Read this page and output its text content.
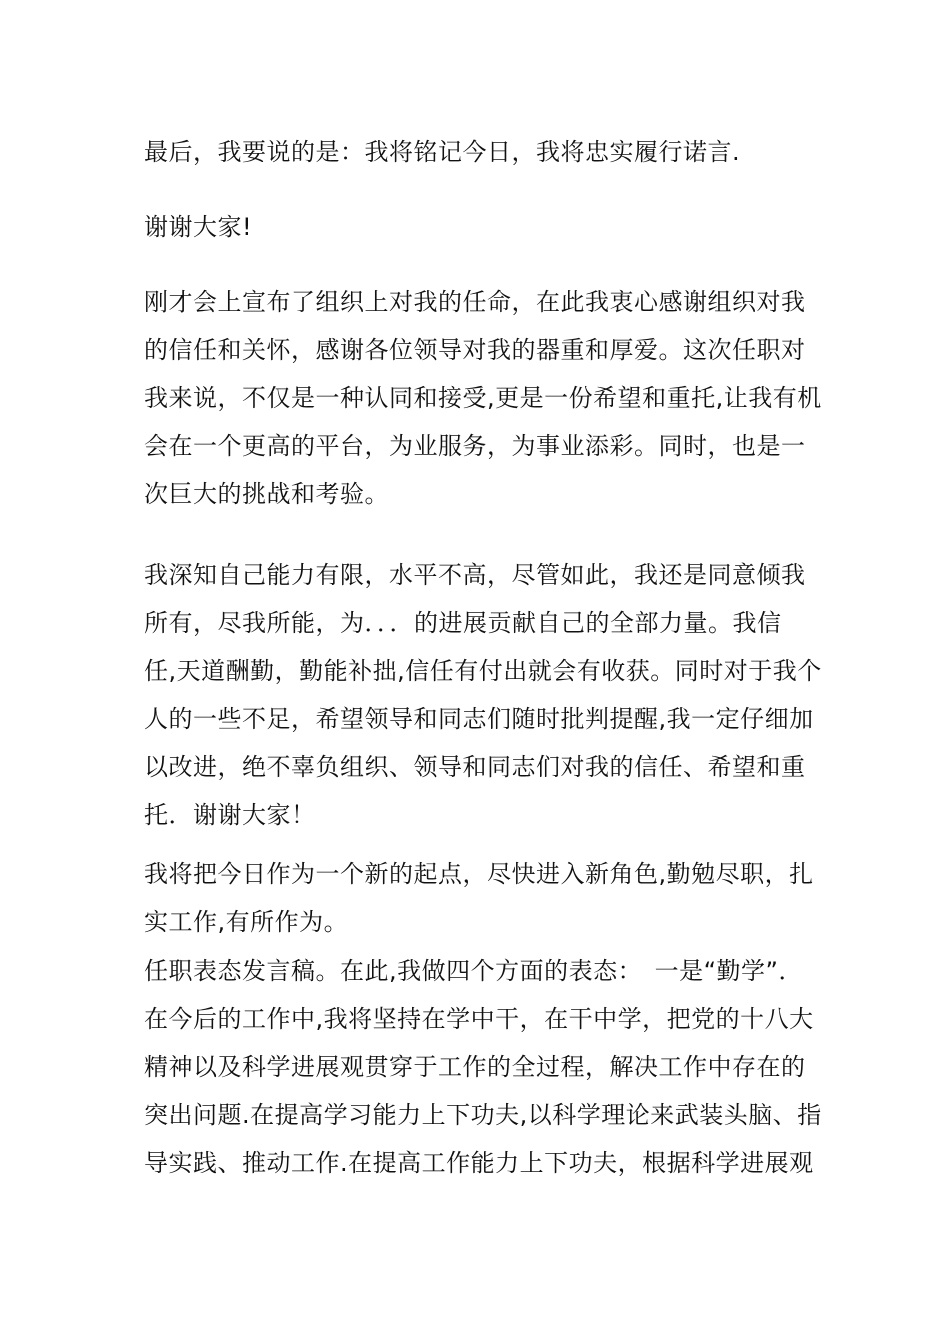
最后，我要说的是：我将铭记今日，我将忠实履行诺言.

谢谢大家!

刚才会上宣布了组织上对我的任命，在此我衷心感谢组织对我
的信任和关怀，感谢各位领导对我的器重和厚爱。这次任职对
我来说，不仅是一种认同和接受,更是一份希望和重托,让我有机
会在一个更高的平台，为业服务，为事业添彩。同时，也是一
次巨大的挑战和考验。

我深知自己能力有限，水平不高，尽管如此，我还是同意倾我
所有，尽我所能，为．．．的进展贡献自己的全部力量。我信
任,天道酬勤，勤能补拙,信任有付出就会有收获。同时对于我个
人的一些不足，希望领导和同志们随时批判提醒,我一定仔细加
以改进，绝不辜负组织、领导和同志们对我的信任、希望和重
托．谢谢大家！

我将把今日作为一个新的起点，尽快进入新角色,勤勉尽职，扎
实工作,有所作为。

任职表态发言稿。在此,我做四个方面的表态：　一是“勤学”．
在今后的工作中,我将坚持在学中干，在干中学，把党的十八大
精神以及科学进展观贯穿于工作的全过程，解决工作中存在的
突出问题.在提高学习能力上下功夫,以科学理论来武装头脑、指
导实践、推动工作.在提高工作能力上下功夫，根据科学进展观
